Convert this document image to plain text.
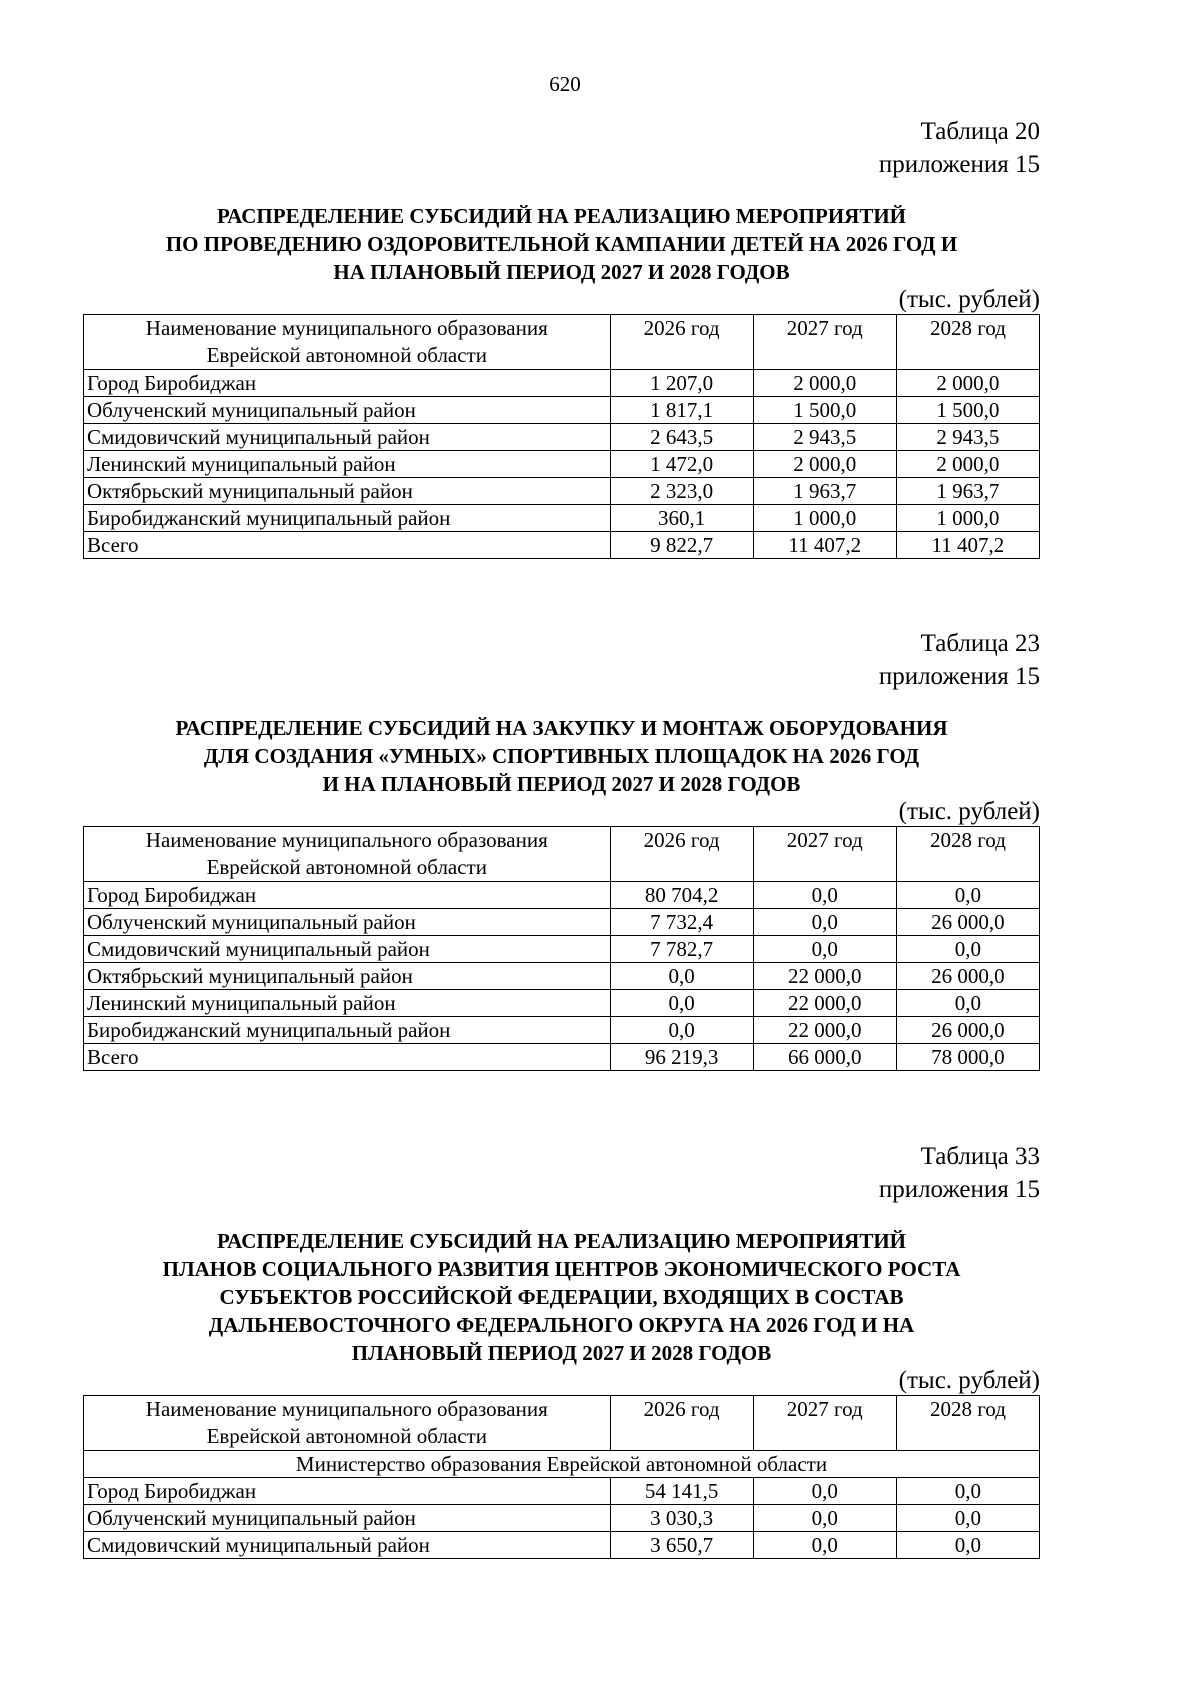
620
Таблица 20
приложения 15
РАСПРЕДЕЛЕНИЕ СУБСИДИЙ НА РЕАЛИЗАЦИЮ МЕРОПРИЯТИЙ
ПО ПРОВЕДЕНИЮ ОЗДОРОВИТЕЛЬНОЙ КАМПАНИИ ДЕТЕЙ НА 2026 ГОД И
НА ПЛАНОВЫЙ ПЕРИОД 2027 И 2028 ГОДОВ
(тыс. рублей)
Наименование муниципального образования
Еврейской автономной области	2026 год	2027 год	2028 год
Город Биробиджан	1 207,0	2 000,0	2 000,0
Облученский муниципальный район	1 817,1	1 500,0	1 500,0
Смидовичский муниципальный район	2 643,5	2 943,5	2 943,5
Ленинский муниципальный район	1 472,0	2 000,0	2 000,0
Октябрьский муниципальный район	2 323,0	1 963,7	1 963,7
Биробиджанский муниципальный район	360,1	1 000,0	1 000,0
Всего	9 822,7	11 407,2	11 407,2
Таблица 23
приложения 15
РАСПРЕДЕЛЕНИЕ СУБСИДИЙ НА ЗАКУПКУ И МОНТАЖ ОБОРУДОВАНИЯ
ДЛЯ СОЗДАНИЯ «УМНЫХ» СПОРТИВНЫХ ПЛОЩАДОК НА 2026 ГОД
И НА ПЛАНОВЫЙ ПЕРИОД 2027 И 2028 ГОДОВ
(тыс. рублей)
Наименование муниципального образования
Еврейской автономной области	2026 год	2027 год	2028 год
Город Биробиджан	80 704,2	0,0	0,0
Облученский муниципальный район	7 732,4	0,0	26 000,0
Смидовичский муниципальный район	7 782,7	0,0	0,0
Октябрьский муниципальный район	0,0	22 000,0	26 000,0
Ленинский муниципальный район	0,0	22 000,0	0,0
Биробиджанский муниципальный район	0,0	22 000,0	26 000,0
Всего	96 219,3	66 000,0	78 000,0
Таблица 33
приложения 15
РАСПРЕДЕЛЕНИЕ СУБСИДИЙ НА РЕАЛИЗАЦИЮ МЕРОПРИЯТИЙ
ПЛАНОВ СОЦИАЛЬНОГО РАЗВИТИЯ ЦЕНТРОВ ЭКОНОМИЧЕСКОГО РОСТА
СУБЪЕКТОВ РОССИЙСКОЙ ФЕДЕРАЦИИ, ВХОДЯЩИХ В СОСТАВ
ДАЛЬНЕВОСТОЧНОГО ФЕДЕРАЛЬНОГО ОКРУГА НА 2026 ГОД И НА
ПЛАНОВЫЙ ПЕРИОД 2027 И 2028 ГОДОВ
(тыс. рублей)
Наименование муниципального образования
Еврейской автономной области	2026 год	2027 год	2028 год
Министерство образования Еврейской автономной области			
Город Биробиджан	54 141,5	0,0	0,0
Облученский муниципальный район	3 030,3	0,0	0,0
Смидовичский муниципальный район	3 650,7	0,0	0,0
